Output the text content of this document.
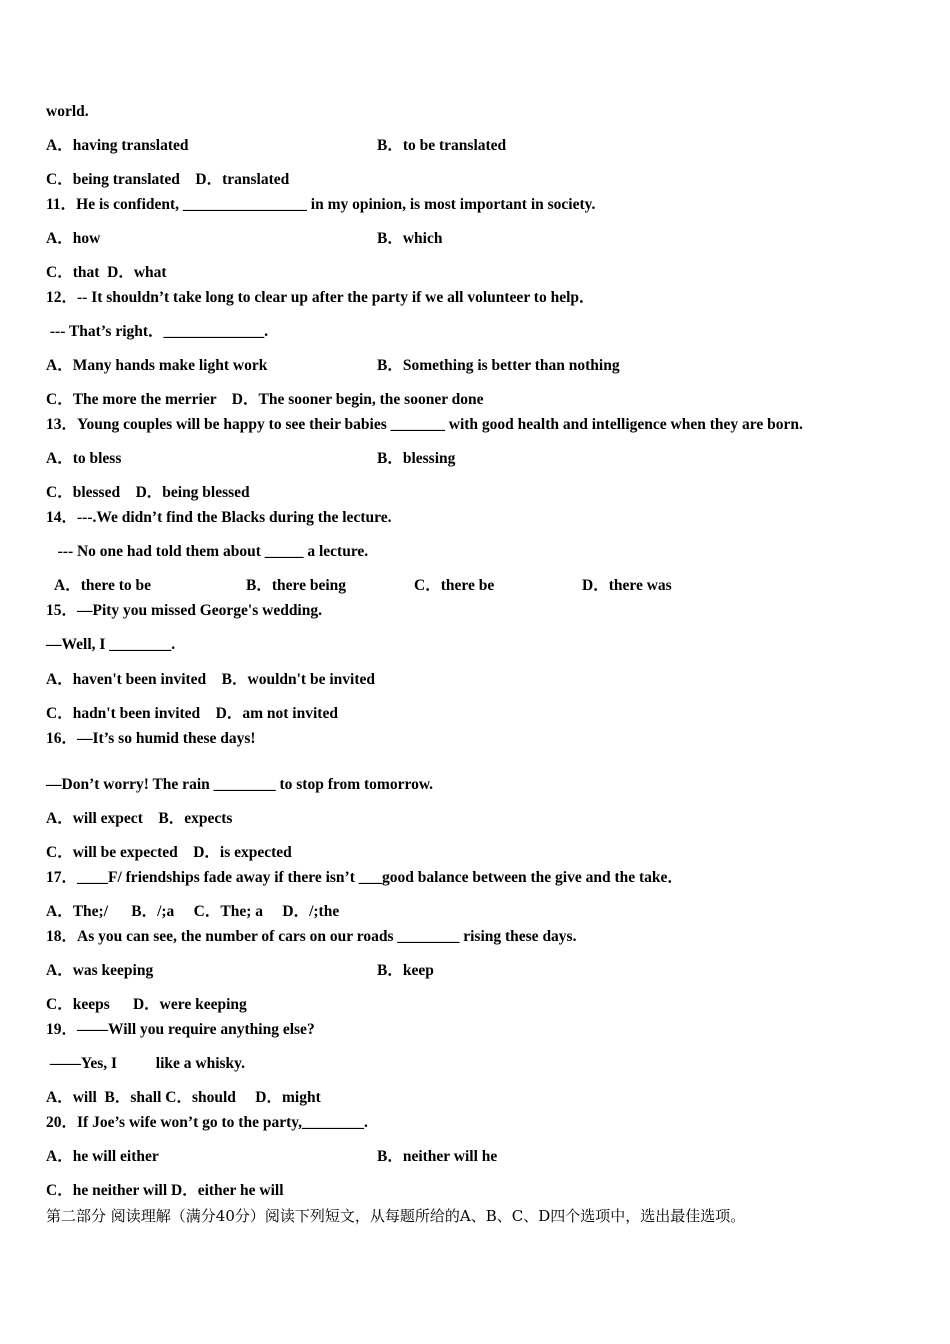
world.
A．having translated	B．to be translated
C．being translated    D．translated
11．He is confident, ________________ in my opinion, is most important in society.
A．how	B．which
C．that  D．what
12．-- It shouldn’t take long to clear up after the party if we all volunteer to help．
--- That’s right．_____________.
A．Many hands make light work	B．Something is better than nothing
C．The more the merrier    D．The sooner begin, the sooner done
13．Young couples will be happy to see their babies _______ with good health and intelligence when they are born.
A．to bless	B．blessing
C．blessed    D．being blessed
14．---.We didn’t find the Blacks during the lecture.
--- No one had told them about _____ a lecture.
A．there to be	B．there being	C．there be	D．there was
15．—Pity you missed George's wedding.
—Well, I ________.
A．haven't been invited    B．wouldn't be invited
C．hadn't been invited    D．am not invited
16．—It’s so humid these days!
—Don’t worry! The rain ________ to stop from tomorrow.
A．will expect    B．expects
C．will be expected    D．is expected
17．____F/ friendships fade away if there isn’t ___good balance between the give and the take．
A．The;/      B．/;a     C．The; a     D．/;the
18．As you can see, the number of cars on our roads ________ rising these days.
A．was keeping	B．keep
C．keeps      D．were keeping
19．——Will you require anything else?
——Yes, I          like a whisky.
A．will  B．shall C．should     D．might
20．If Joe’s wife won’t go to the party,________.
A．he will either	B．neither will he
C．he neither will D．either he will
第二部分 阅读理解（满分40分）阅读下列短文，从每题所给的A、B、C、D四个选项中，选出最佳选项。
